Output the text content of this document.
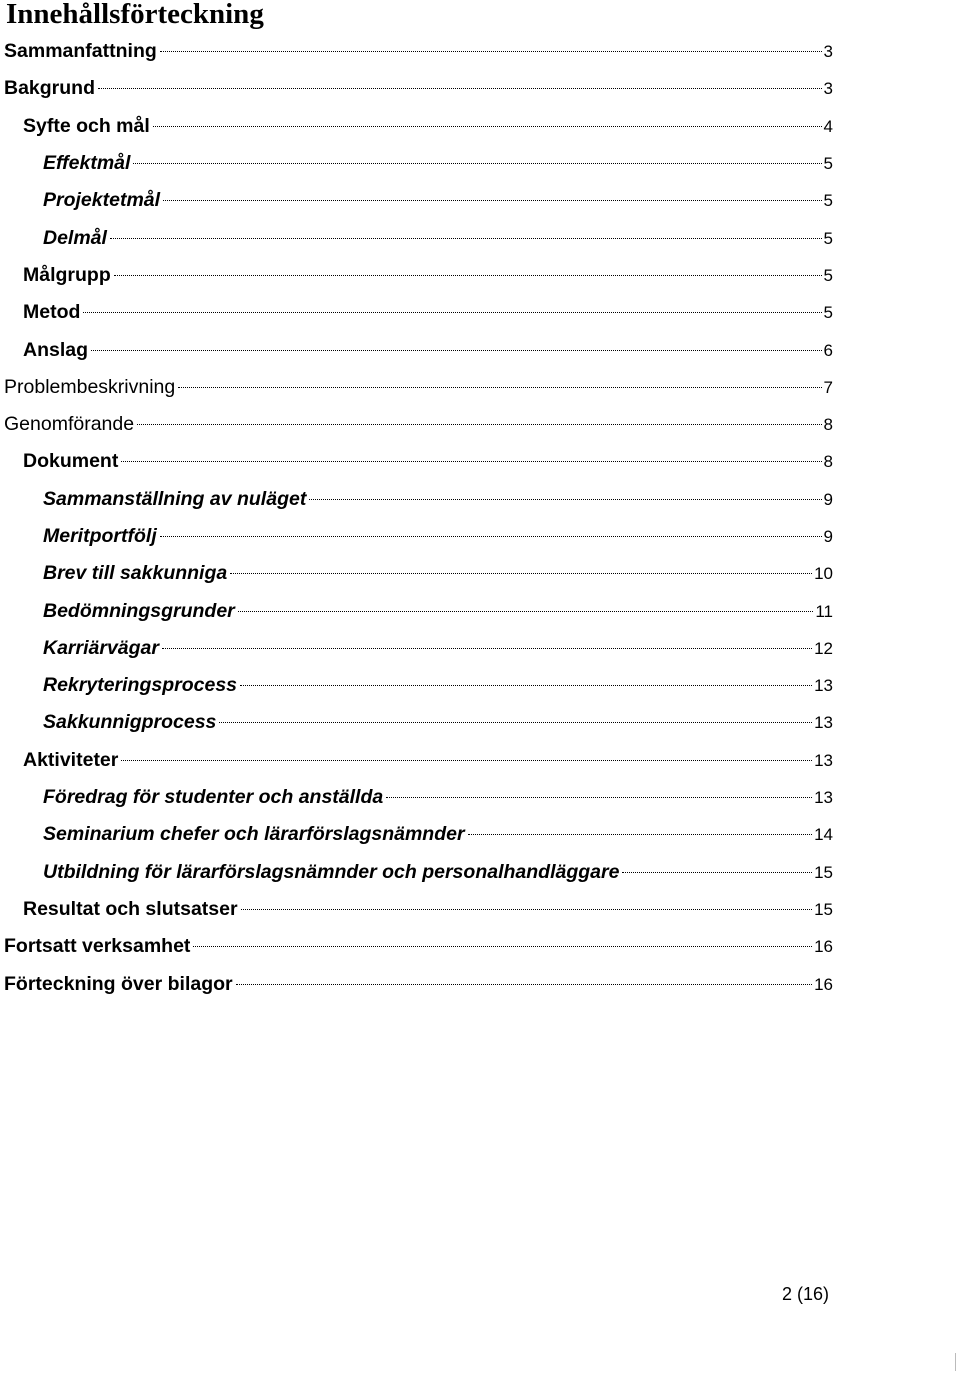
Innehållsförteckning
Sammanfattning	3
Bakgrund	3
Syfte och mål	4
Effektmål	5
Projektetmål	5
Delmål	5
Målgrupp	5
Metod	5
Anslag	6
Problembeskrivning	7
Genomförande	8
Dokument	8
Sammanställning av nuläget	9
Meritportfölj	9
Brev till sakkunniga	10
Bedömningsgrunder	11
Karriärvägar	12
Rekryteringsprocess	13
Sakkunnigprocess	13
Aktiviteter	13
Föredrag för studenter och anställda	13
Seminarium chefer och lärarförslagsnämnder	14
Utbildning för lärarförslagsnämnder och personalhandläggare	15
Resultat och slutsatser	15
Fortsatt verksamhet	16
Förteckning över bilagor	16
2 (16)
